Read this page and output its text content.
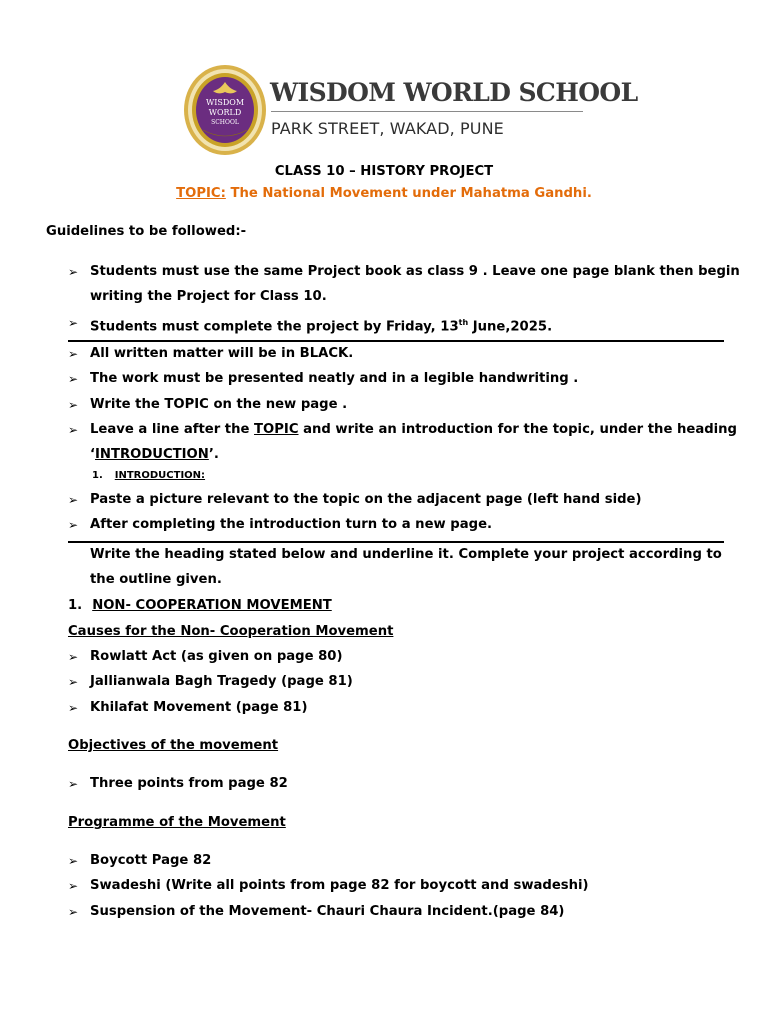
WISDOM
WORLD
SCHOOL
WISDOM WORLD SCHOOL
PARK STREET, WAKAD, PUNE
CLASS 10 – HISTORY PROJECT
TOPIC: The National Movement under Mahatma Gandhi.
Guidelines to be followed:-
➢ Students must use the same Project book as class 9 . Leave one page blank then begin
writing the Project for Class 10.
➢ Students must complete the project by Friday, 13th June,2025.
➢ All written matter will be in BLACK.
➢ The work must be presented neatly and in a legible handwriting .
➢ Write the TOPIC on the new page .
➢ Leave a line after the TOPIC and write an introduction for the topic, under the heading
‘INTRODUCTION’.
1. INTRODUCTION:
➢ Paste a picture relevant to the topic on the adjacent page (left hand side)
➢ After completing the introduction turn to a new page.
Write the heading stated below and underline it. Complete your project according to
the outline given.
1. NON- COOPERATION MOVEMENT
Causes for the Non- Cooperation Movement
➢ Rowlatt Act (as given on page 80)
➢ Jallianwala Bagh Tragedy (page 81)
➢ Khilafat Movement (page 81)
Objectives of the movement
➢ Three points from page 82
Programme of the Movement
➢ Boycott Page 82
➢ Swadeshi (Write all points from page 82 for boycott and swadeshi)
➢ Suspension of the Movement- Chauri Chaura Incident.(page 84)
